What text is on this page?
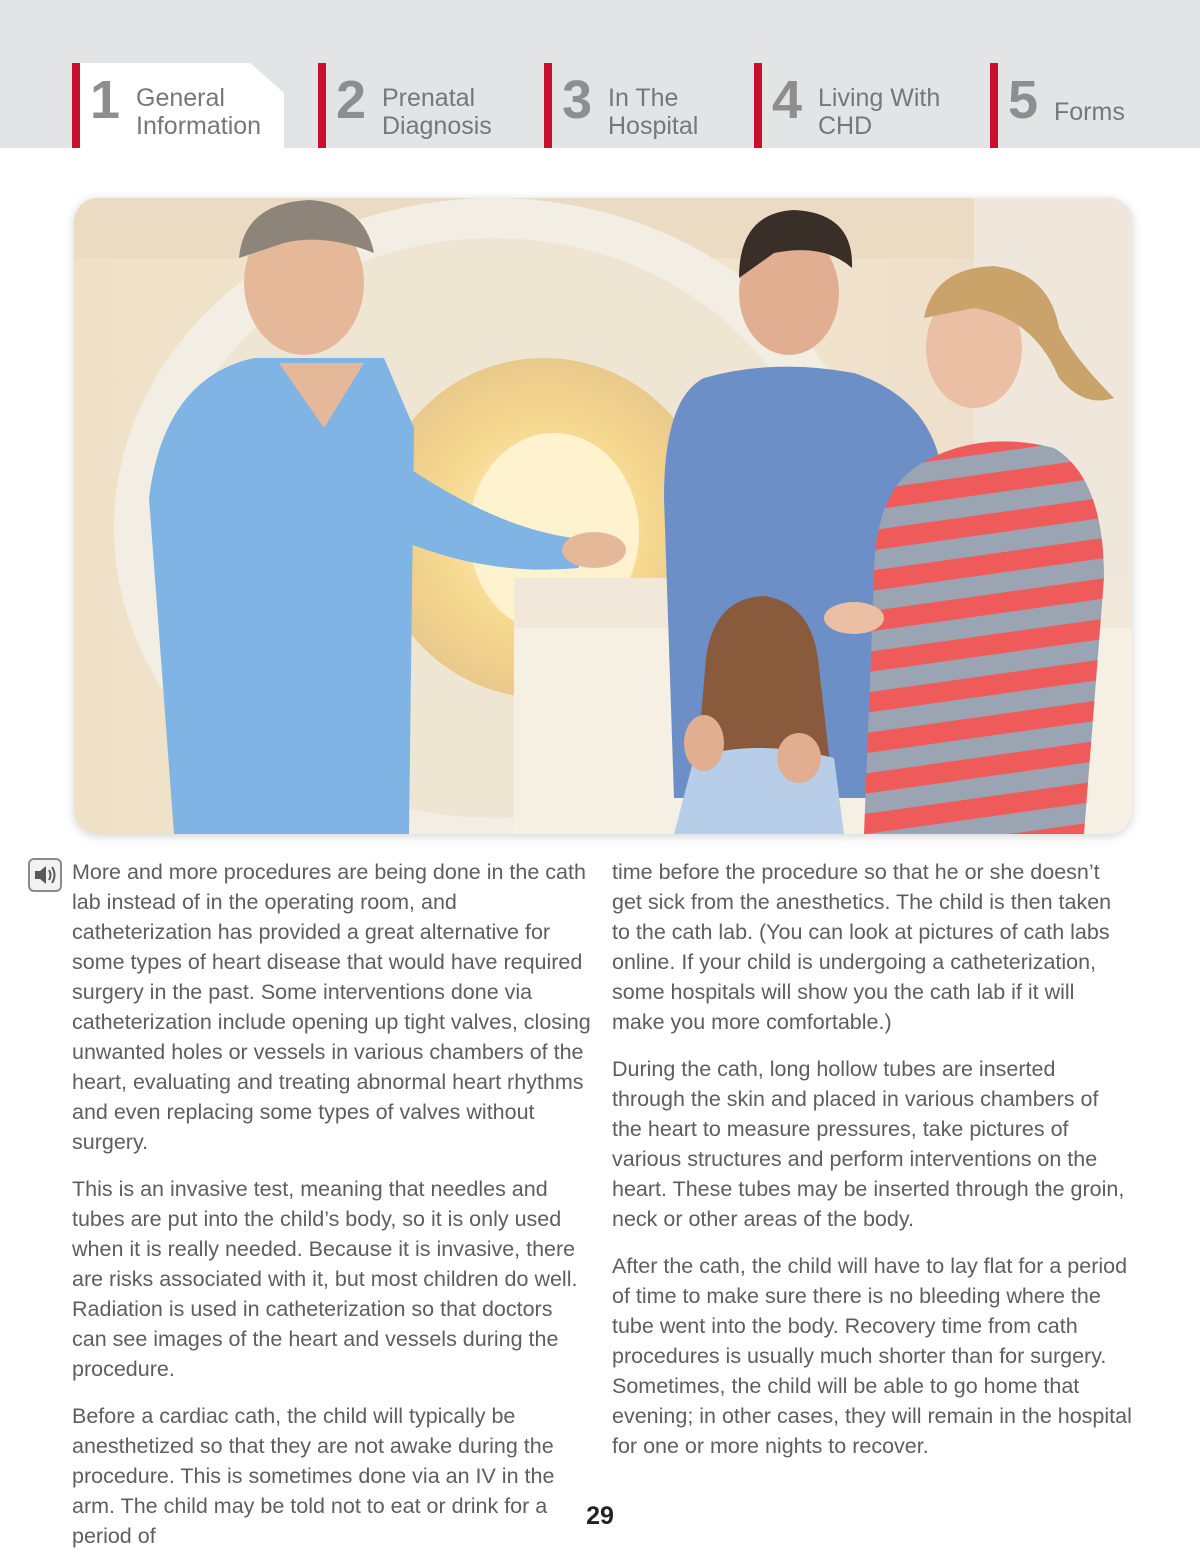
1 General
Information 2 Prenatal
Diagnosis 3 In The
Hospital 4 Living With
CHD	5 Forms

More and more procedures are being done in the cath lab instead of in the operating room, and catheterization has provided a great alternative for some types of heart disease that would have required surgery in the past. Some interventions done via catheterization include opening up tight valves, closing unwanted holes or vessels in various chambers of the heart, evaluating and treating abnormal heart rhythms and even replacing some types of valves without surgery.

This is an invasive test, meaning that needles and tubes are put into the child’s body, so it is only used when it is really needed. Because it is invasive, there are risks associated with it, but most children do well. Radiation is used in catheterization so that doctors can see images of the heart and vessels during the procedure.

Before a cardiac cath, the child will typically be anesthetized so that they are not awake during the procedure. This is sometimes done via an IV in the arm. The child may be told not to eat or drink for a period of

time before the procedure so that he or she doesn’t get sick from the anesthetics. The child is then taken to the cath lab. (You can look at pictures of cath labs online. If your child is undergoing a catheterization, some hospitals will show you the cath lab if it will make you more comfortable.)

During the cath, long hollow tubes are inserted through the skin and placed in various chambers of the heart to measure pressures, take pictures of various structures and perform interventions on the heart. These tubes may be inserted through the groin, neck or other areas of the body.

After the cath, the child will have to lay flat for a period of time to make sure there is no bleeding where the tube went into the body. Recovery time from cath procedures is usually much shorter than for surgery. Sometimes, the child will be able to go home that evening; in other cases, they will remain in the hospital for one or more nights to recover.

29
